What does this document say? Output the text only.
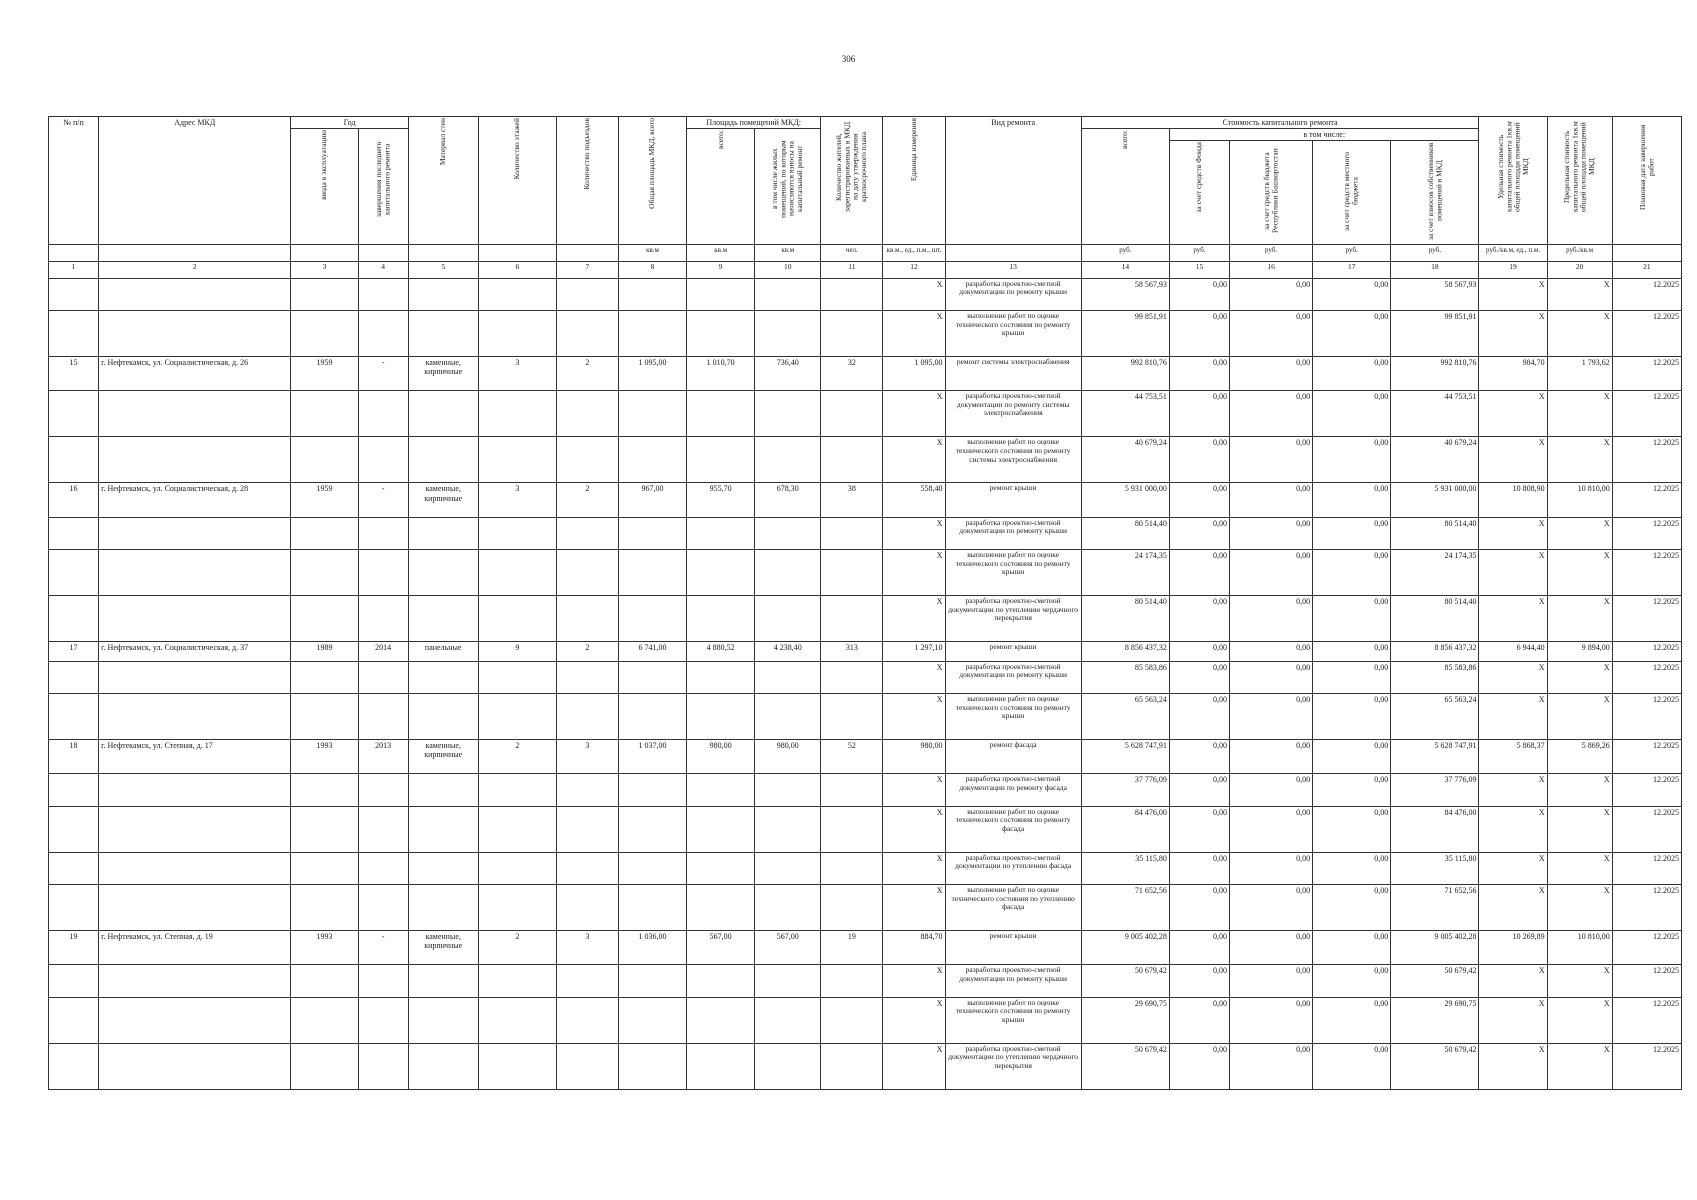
306
№ п/п	Адрес МКД	Год		Материал стен	Количество этажей	Количество подъездов	Общая площадь МКД, всего	Площадь помещений МКД:		Количество жителей, зарегистрированных в МКД на дату утверждения краткосрочного плана	Единица измерения	Вид ремонта	Стоимость капитального ремонта					Удельная стоимость капитального ремонта 1кв.м общей площади помещений МКД	Предельная стоимость капитального ремонта 1кв.м общей площади помещений МКД	Плановая дата завершения работ
		ввода в эксплуатацию	завершения последнего капитального ремонта					всего:	в том числе жилых помещений, по которым начисляются взносы на капитальный ремонт				всего:	в том числе:						
														за счет средств Фонда	за счет средств бюджета Республики Башкортостан	за счет средств местного бюджета	за счет взносов собственников помещений в МКД			
							кв.м	кв.м	кв.м	чел.	кв.м., ед., п.м., шт.		руб.	руб.	руб.	руб.	руб.	руб./кв.м, ед., п.м.	руб./кв.м	
1	2	3	4	5	6	7	8	9	10	11	12	13	14	15	16	17	18	19	20	21
											X	разработка проектно-сметной документации по ремонту крыши	58 567,93	0,00	0,00	0,00	58 567,93	X	X	12.2025
											X	выполнение работ по оценке технического состояния по ремонту крыши	99 851,91	0,00	0,00	0,00	99 851,91	X	X	12.2025
15	г. Нефтекамск, ул. Социалистическая, д. 26	1959	-	каменные, кирпичные	3	2	1 095,00	1 010,70	736,40	32	1 095,00	ремонт системы электроснабжения	992 810,76	0,00	0,00	0,00	992 810,76	984,70	1 793,62	12.2025
											X	разработка проектно-сметной документации по ремонту системы электроснабжения	44 753,51	0,00	0,00	0,00	44 753,51	X	X	12.2025
											X	выполнение работ по оценке технического состояния по ремонту системы электроснабжения	40 679,24	0,00	0,00	0,00	40 679,24	X	X	12.2025
16	г. Нефтекамск, ул. Социалистическая, д. 28	1959	-	каменные, кирпичные	3	2	967,00	955,70	678,30	38	558,40	ремонт крыши	5 931 000,00	0,00	0,00	0,00	5 931 000,00	10 808,90	10 810,00	12.2025
											X	разработка проектно-сметной документации по ремонту крыши	80 514,40	0,00	0,00	0,00	80 514,40	X	X	12.2025
											X	выполнение работ по оценке технического состояния по ремонту крыши	24 174,35	0,00	0,00	0,00	24 174,35	X	X	12.2025
											X	разработка проектно-сметной документации по утеплению чердачного перекрытия	80 514,40	0,00	0,00	0,00	80 514,40	X	X	12.2025
17	г. Нефтекамск, ул. Социалистическая, д. 37	1989	2014	панельные	9	2	6 741,00	4 880,52	4 238,40	313	1 297,10	ремонт крыши	8 856 437,32	0,00	0,00	0,00	8 856 437,32	6 944,40	9 894,00	12.2025
											X	разработка проектно-сметной документации по ремонту крыши	85 583,86	0,00	0,00	0,00	85 583,86	X	X	12.2025
											X	выполнение работ по оценке технического состояния по ремонту крыши	65 563,24	0,00	0,00	0,00	65 563,24	X	X	12.2025
18	г. Нефтекамск, ул. Степная, д. 17	1993	2013	каменные, кирпичные	2	3	1 037,00	980,00	980,00	52	980,00	ремонт фасада	5 628 747,91	0,00	0,00	0,00	5 628 747,91	5 868,37	5 869,26	12.2025
											X	разработка проектно-сметной документации по ремонту фасада	37 776,09	0,00	0,00	0,00	37 776,09	X	X	12.2025
											X	выполнение работ по оценке технического состояния по ремонту фасада	84 476,00	0,00	0,00	0,00	84 476,00	X	X	12.2025
											X	разработка проектно-сметной документации по утеплению фасада	35 115,80	0,00	0,00	0,00	35 115,80	X	X	12.2025
											X	выполнение работ по оценке технического состояния по утеплению фасада	71 652,56	0,00	0,00	0,00	71 652,56	X	X	12.2025
19	г. Нефтекамск, ул. Степная, д. 19	1993	-	каменные, кирпичные	2	3	1 036,00	567,00	567,00	19	884,70	ремонт крыши	9 005 402,28	0,00	0,00	0,00	9 005 402,28	10 269,89	10 810,00	12.2025
											X	разработка проектно-сметной документации по ремонту крыши	50 679,42	0,00	0,00	0,00	50 679,42	X	X	12.2025
											X	выполнение работ по оценке технического состояния по ремонту крыши	29 690,75	0,00	0,00	0,00	29 690,75	X	X	12.2025
											X	разработка проектно-сметной документации по утеплению чердачного перекрытия	50 679,42	0,00	0,00	0,00	50 679,42	X	X	12.2025
